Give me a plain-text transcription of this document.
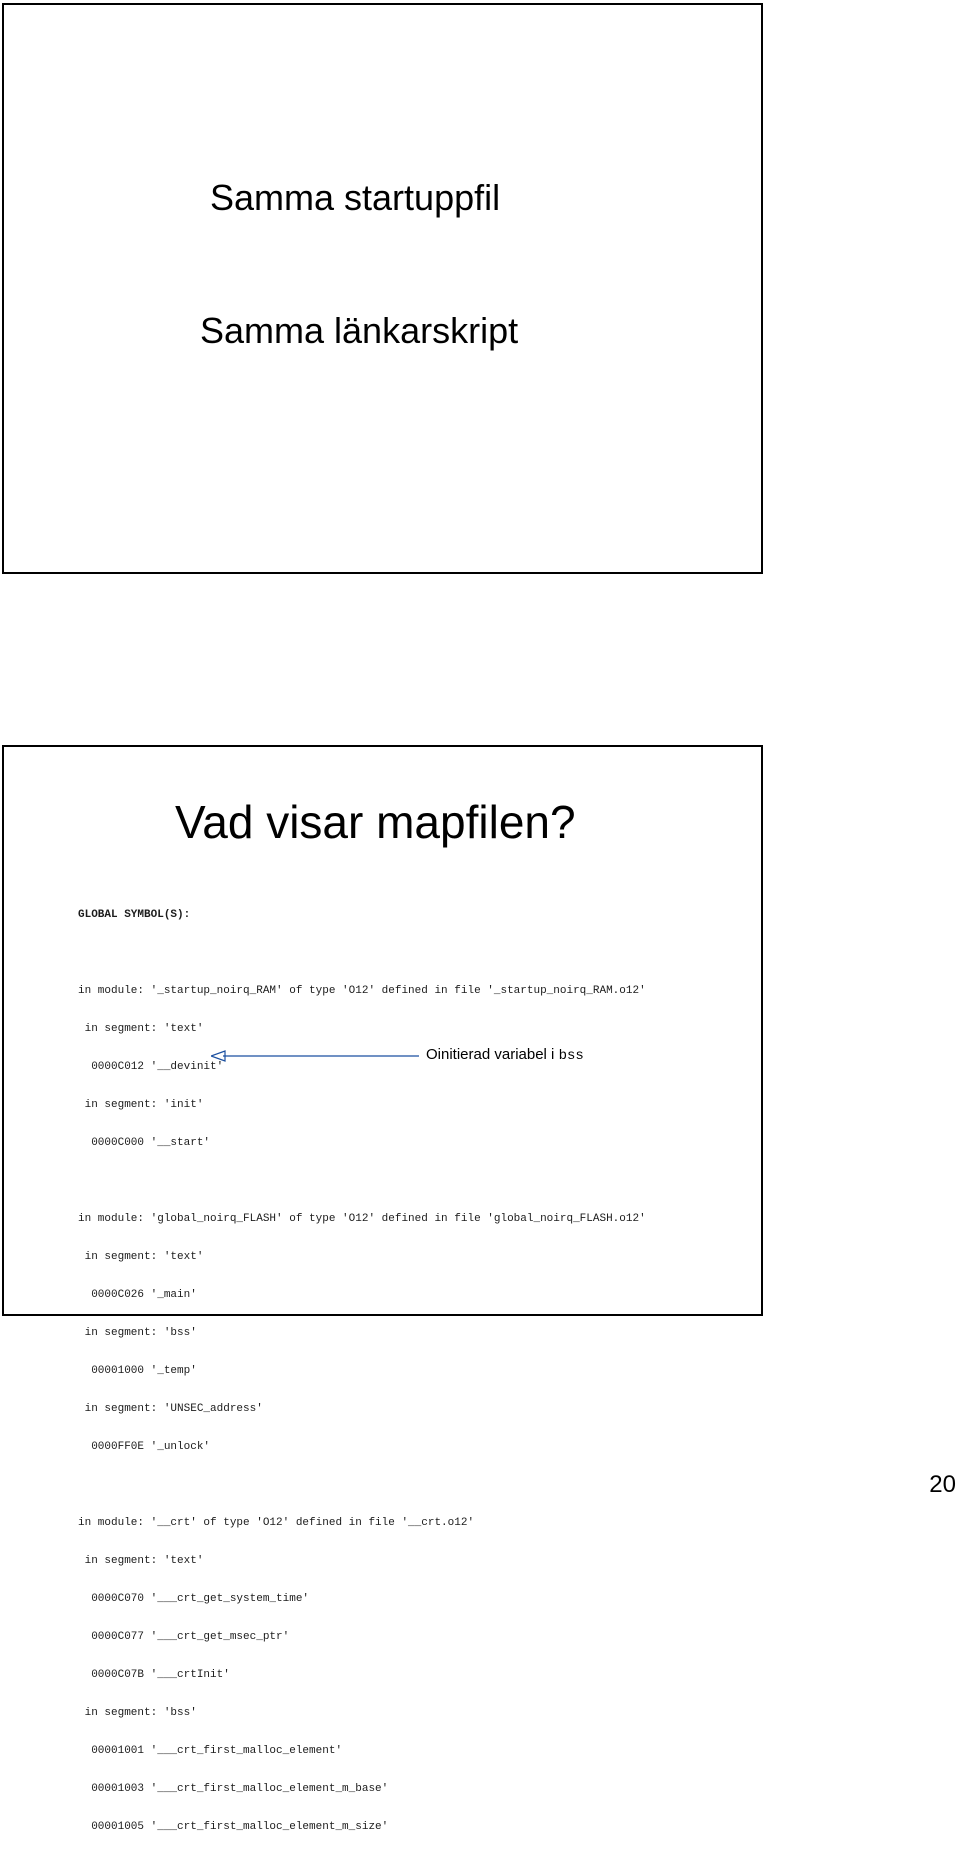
Samma startuppfil
Samma länkarskript
Vad visar mapfilen?

GLOBAL SYMBOL(S):

in module: '_startup_noirq_RAM' of type 'O12' defined in file '_startup_noirq_RAM.o12'

in segment: 'text'

0000C012 '__devinit'

in segment: 'init'

0000C000 '__start'

in module: 'global_noirq_FLASH' of type 'O12' defined in file 'global_noirq_FLASH.o12'

in segment: 'text'

0000C026 '_main'

in segment: 'bss'

00001000 '_temp'

in segment: 'UNSEC_address'

0000FF0E '_unlock'

in module: '__crt' of type 'O12' defined in file '__crt.o12'

in segment: 'text'

0000C070 '___crt_get_system_time'

0000C077 '___crt_get_msec_ptr'

0000C07B '___crtInit'

in segment: 'bss'

00001001 '___crt_first_malloc_element'

00001003 '___crt_first_malloc_element_m_base'

00001005 '___crt_first_malloc_element_m_size'

Oinitierad variabel i bss
20
